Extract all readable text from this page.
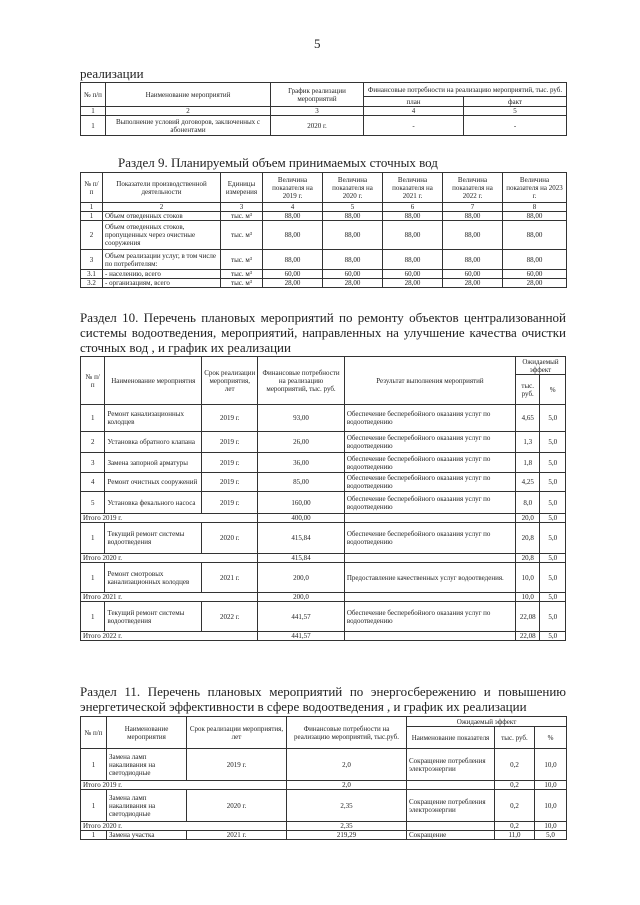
5
реализации
№ п/п	Наименование мероприятий	График реализации мероприятий	Финансовые потребности на реализацию мероприятий, тыс. руб.	
			план	факт
1	2	3	4	5
1	Выполнение условий договоров, заключенных с абонентами	2020 г.	-	-
Раздел 9. Планируемый объем принимаемых сточных вод
№ п/п	Показатели производственной деятельности	Единицы измерения	Величина показателя на 2019 г.	Величина показателя на 2020 г.	Величина показателя на 2021 г.	Величина показателя на 2022 г.	Величина показателя на 2023 г.
1	2	3	4	5	6	7	8
1	Объем отведенных стоков	тыс. м³	88,00	88,00	88,00	88,00	88,00
2	Объем отведенных стоков, пропущенных через очистные сооружения	тыс. м³	88,00	88,00	88,00	88,00	88,00
3	Объем реализации услуг, в том числе по потребителям:	тыс. м³	88,00	88,00	88,00	88,00	88,00
3.1	- населению, всего	тыс. м³	60,00	60,00	60,00	60,00	60,00
3.2	- организациям, всего	тыс. м³	28,00	28,00	28,00	28,00	28,00
Раздел 10. Перечень плановых мероприятий по ремонту объектов централизованной системы водоотведения, мероприятий, направленных на улучшение качества очистки сточных вод , и график их реализации
№ п/ п	Наименование мероприятия	Срок реализации мероприятия, лет	Финансовые потребности на реализацию мероприятий, тыс. руб.	Результат выполнения мероприятий	Ожидаемый эффект	
					тыс. руб.	%
1	Ремонт канализационных колодцев	2019 г.	93,00	Обеспечение бесперебойного оказания услуг по водоотведению	4,65	5,0
2	Установка обратного клапана	2019 г.	26,00	Обеспечение бесперебойного оказания услуг по водоотведению	1,3	5,0
3	Замена запорной арматуры	2019 г.	36,00	Обеспечение бесперебойного оказания услуг по водоотведению	1,8	5,0
4	Ремонт очистных сооружений	2019 г.	85,00	Обеспечение бесперебойного оказания услуг по водоотведению	4,25	5,0
5	Установка фекального насоса	2019 г.	160,00	Обеспечение бесперебойного оказания услуг по водоотведению	8,0	5,0
Итого 2019 г.			400,00		20,0	5,0
1	Текущий ремонт системы водоотведения	2020 г.	415,84	Обеспечение бесперебойного оказания услуг по водоотведению	20,8	5,0
Итого 2020 г.			415,84		20,8	5,0
1	Ремонт смотровых канализационных колодцев	2021 г.	200,0	Предоставление качественных услуг водоотведения.	10,0	5,0
Итого 2021 г.			200,0		10,0	5,0
1	Текущий ремонт системы водоотведения	2022 г.	441,57	Обеспечение бесперебойного оказания услуг по водоотведению	22,08	5,0
Итого 2022 г.			441,57		22,08	5,0
Раздел 11. Перечень плановых мероприятий по энергосбережению и повышению энергетической эффективности в сфере водоотведения , и график их реализации
№ п/п	Наименование мероприятия	Срок реализации мероприятия, лет	Финансовые потребности на реализацию мероприятий, тыс.руб.	Ожидаемый эффект		
				Наименование показателя	тыс. руб.	%
1	Замена ламп накаливания на светодиодные	2019 г.	2,0	Сокращение потребления электроэнергии	0,2	10,0
Итого 2019 г.			2,0		0,2	10,0
1	Замена ламп накаливания на светодиодные	2020 г.	2,35	Сокращение потребления электроэнергии	0,2	10,0
Итого 2020 г.			2,35		0,2	10,0
1	Замена участка	2021 г.	219,29	Сокращение	11,0	5,0
